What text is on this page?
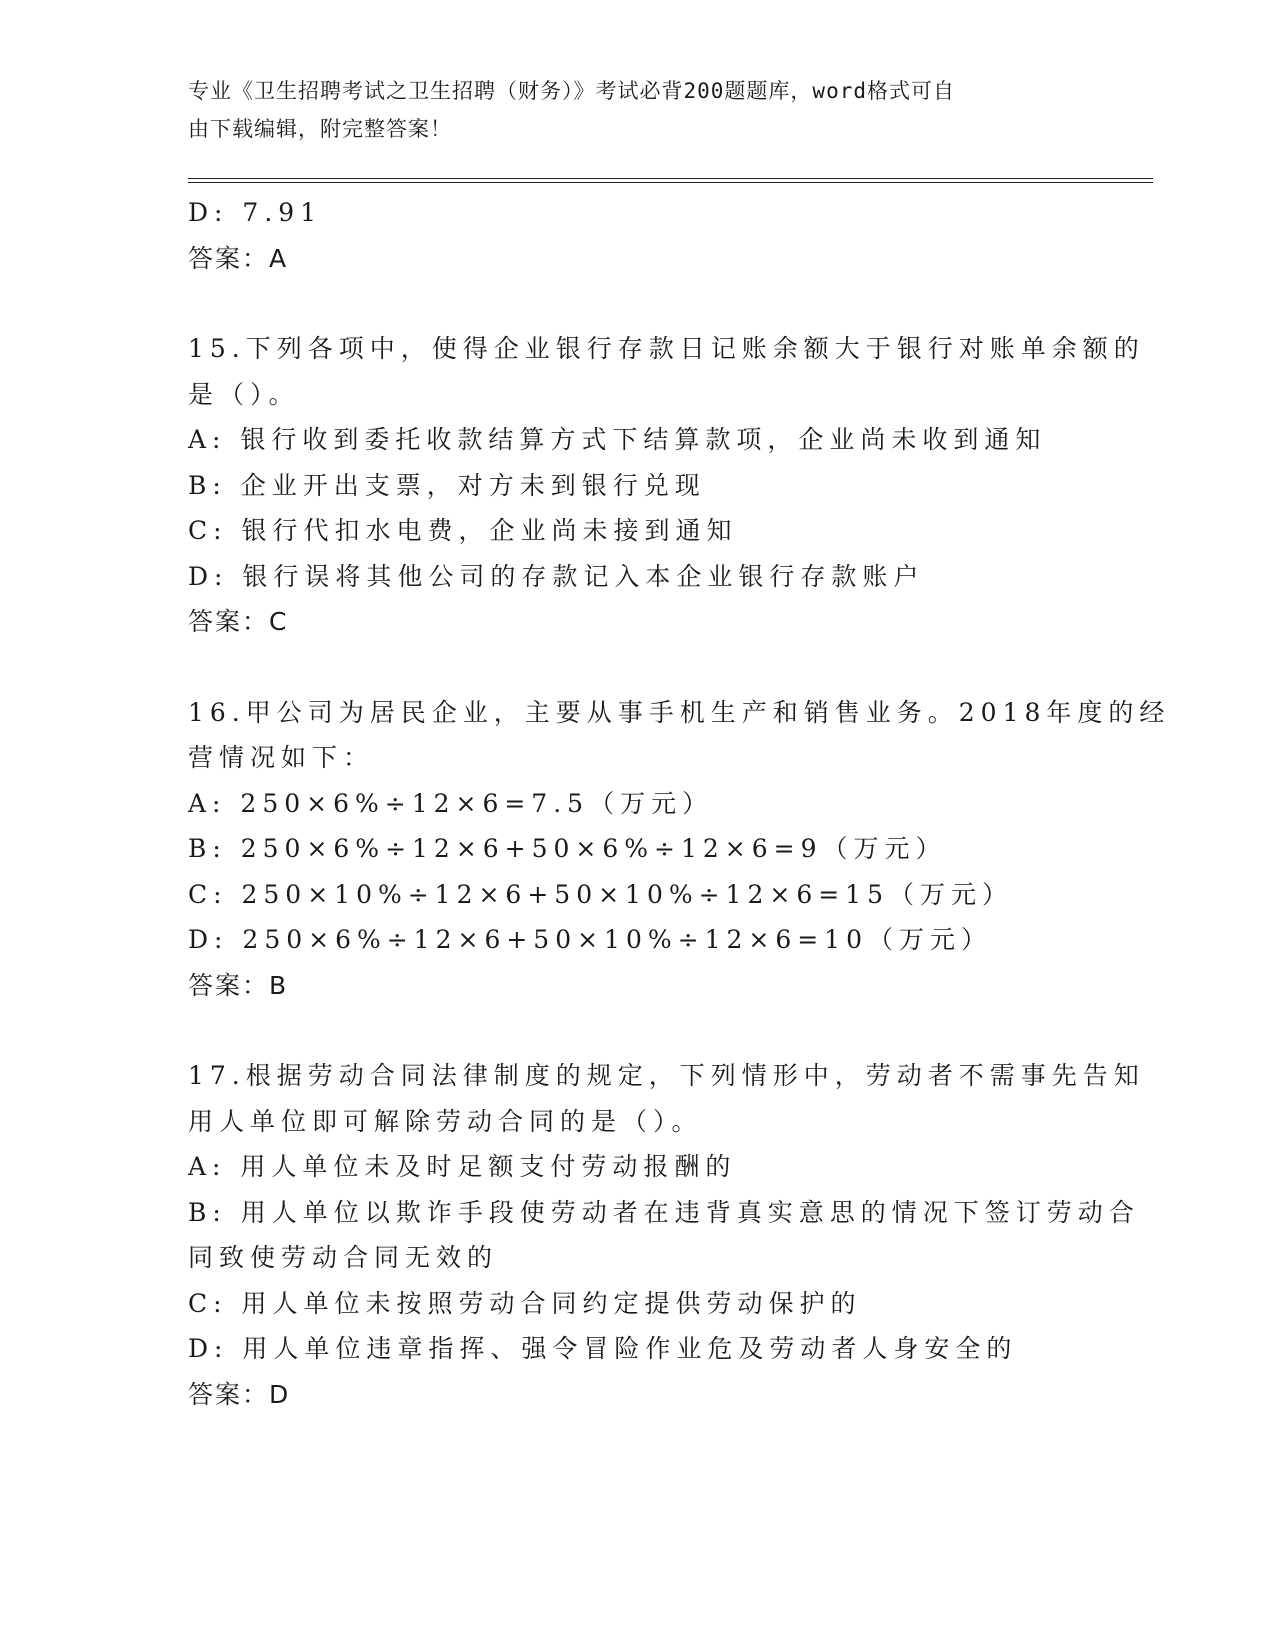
专业《卫生招聘考试之卫生招聘（财务）》考试必背200题题库，word格式可自
由下载编辑，附完整答案！
D: 7.91
答案：A
15.下列各项中，使得企业银行存款日记账余额大于银行对账单余额的
是（）。
A: 银行收到委托收款结算方式下结算款项，企业尚未收到通知
B: 企业开出支票，对方未到银行兑现
C: 银行代扣水电费，企业尚未接到通知
D: 银行误将其他公司的存款记入本企业银行存款账户
答案：C
16.甲公司为居民企业，主要从事手机生产和销售业务。2018年度的经
营情况如下：
A: 250×6%÷12×6=7.5（万元）
B: 250×6%÷12×6+50×6%÷12×6=9（万元）
C: 250×10%÷12×6+50×10%÷12×6=15（万元）
D: 250×6%÷12×6+50×10%÷12×6=10（万元）
答案：B
17.根据劳动合同法律制度的规定，下列情形中，劳动者不需事先告知
用人单位即可解除劳动合同的是（）。
A: 用人单位未及时足额支付劳动报酬的
B: 用人单位以欺诈手段使劳动者在违背真实意思的情况下签订劳动合
同致使劳动合同无效的
C: 用人单位未按照劳动合同约定提供劳动保护的
D: 用人单位违章指挥、强令冒险作业危及劳动者人身安全的
答案：D
